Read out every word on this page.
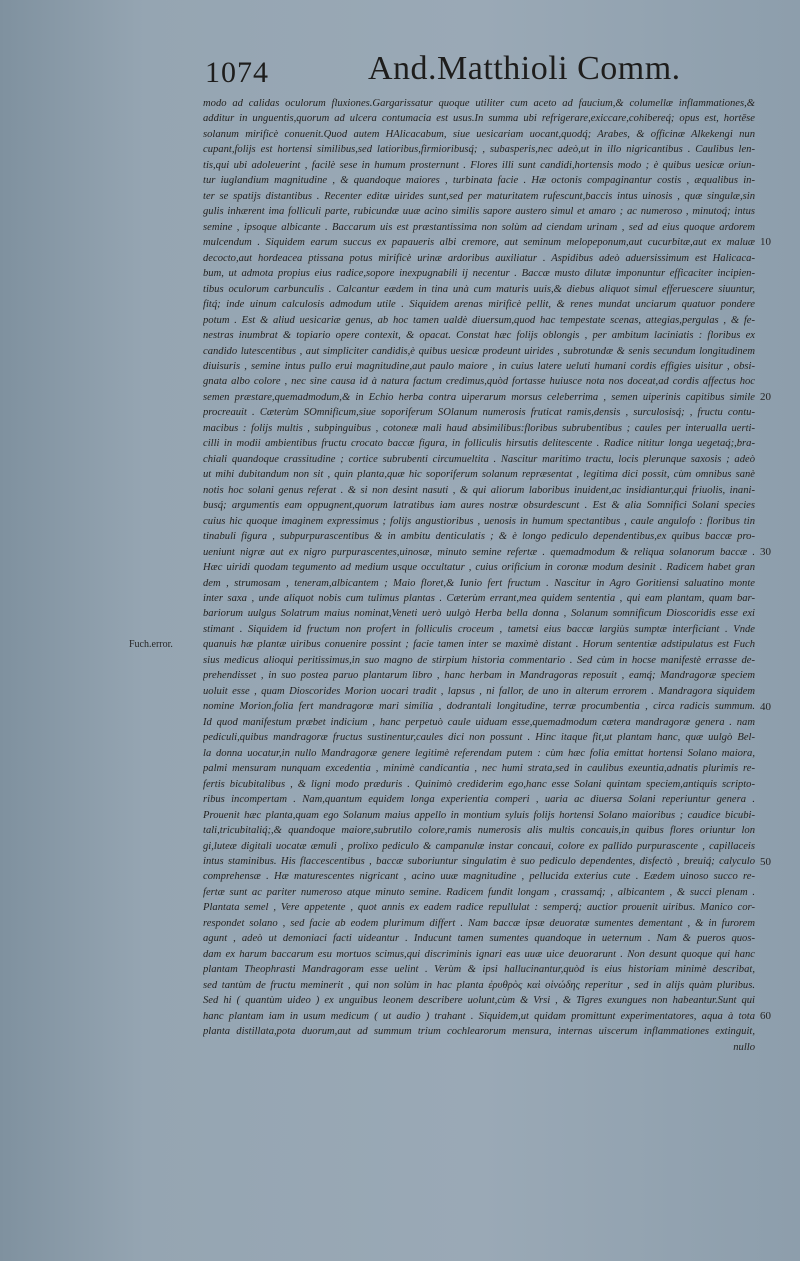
1074	And.Matthioli Comm.
Fuch.error.
modo ad calidas oculorum fluxiones.Gargarissatur quoque utiliter cum aceto ad faucium,& columellæ inflammationes,&
additur in unguentis,quorum ad ulcera contumacia est usus.In summa ubi refrigerare,exiccare,cohibereq́; opus est, hortēse
solanum mirificè conuenit.Quod autem HAlicacabum, siue uesicariam uocant,quodq́; Arabes, & officinæ Alkekengi nun
cupant,folijs est hortensi similibus,sed latioribus,firmioribusq́; , subasperis,nec adeò,ut in illo nigricantibus . Caulibus len-
tis,qui ubi adoleuerint , facilè sese in humum prosternunt . Flores illi sunt candidi,hortensis modo ; è quibus uesicæ oriun-
tur iuglandium magnitudine , & quandoque maiores , turbinata facie . Hæ octonis compaginantur costis , æqualibus in-
ter se spatijs distantibus . Recenter editæ uirides sunt,sed per maturitatem rufescunt,baccis intus uinosis , quæ singulæ,sin
gulis inhærent ima folliculi parte, rubicundæ uuæ acino similis sapore austero simul et amaro ; ac numeroso , minutoq́; intus
semine , ipsoque albicante . Baccarum uis est præstantissima non solùm ad ciendam urinam , sed ad eius quoque ardorem
mulcendum . Siquidem earum succus ex papaueris albi cremore, aut seminum melopeponum,aut cucurbitæ,aut ex maluæ
decocto,aut hordeacea ptissana potus mirificè urinæ ardoribus auxiliatur . Aspidibus adeò aduersissimum est Halicaca-
bum, ut admota propius eius radice,sopore inexpugnabili ij necentur . Baccæ musto dilutæ imponuntur efficaciter incipien-
tibus oculorum carbunculis . Calcantur eædem in tina unà cum maturis uuis,& diebus aliquot simul efferuescere siuuntur,
fitq́; inde uinum calculosis admodum utile . Siquidem arenas mirificè pellit, & renes mundat unciarum quatuor pondere
potum . Est & aliud uesicariæ genus, ab hoc tamen ualdè diuersum,quod hac tempestate scenas, attegias,pergulas , & fe-
nestras inumbrat & topiario opere contexit, & opacat. Constat hæc folijs oblongis , per ambitum laciniatis : floribus ex
candido lutescentibus , aut simpliciter candidis,è quibus uesicæ prodeunt uirides , subrotundæ & senis secundum longitudinem
diuisuris , semine intus pullo erui magnitudine,aut paulo maiore , in cuius latere ueluti humani cordis effigies uisitur , obsi-
gnata albo colore , nec sine causa id à natura factum credimus,quòd fortasse huiusce nota nos doceat,ad cordis affectus hoc
semen præstare,quemadmodum,& in Echio herba contra uiperarum morsus celeberrima , semen uiperinis capitibus simile
procreauit . Cæterùm SOmnificum,siue soporiferum SOlanum numerosis fruticat ramis,densis , surculosisq́; , fructu contu-
macibus : folijs multis , subpinguibus , cotoneæ mali haud absimilibus:floribus subrubentibus ; caules per interualla uerti-
cilli in modii ambientibus fructu crocato baccæ figura, in folliculis hirsutis delitescente . Radice nititur longa uegetaq́;,bra-
chiali quandoque crassitudine ; cortice subrubenti circumueltita . Nascitur maritimo tractu, locis plerunque saxosis ; adeò
ut mihi dubitandum non sit , quin planta,quæ hic soporiferum solanum repræsentat , legitima dici possit, cùm omnibus sanè
notis hoc solani genus referat . & si non desint nasuti , & qui aliorum laboribus inuident,ac insidiantur,qui friuolis, inani-
busq́; argumentis eam oppugnent,quorum latratibus iam aures nostræ obsurdescunt . Est & alia Somnifici Solani species
cuius hic quoque imaginem expressimus ; folijs angustioribus , uenosis in humum spectantibus , caule angulofo : floribus tin
tinabuli figura , subpurpurascentibus & in ambitu denticulatis ; & è longo pediculo dependentibus,ex quibus baccæ pro-
ueniunt nigræ aut ex nigro purpurascentes,uinosæ, minuto semine refertæ . quemadmodum & reliqua solanorum baccæ .
Hæc uiridi quodam tegumento ad medium usque occultatur , cuius orificium in coronæ modum desinit . Radicem habet gran
dem , strumosam , teneram,albicantem ; Maio floret,& Iunio fert fructum . Nascitur in Agro Goritiensi saluatino monte
inter saxa , unde aliquot nobis cum tulimus plantas . Cæterùm errant,mea quidem sententia , qui eam plantam, quam bar-
bariorum uulgus Solatrum maius nominat,Veneti uerò uulgò Herba bella donna , Solanum somnificum Dioscoridis esse exi
stimant . Siquidem id fructum non profert in folliculis croceum , tametsi eius baccæ largiùs sumptæ interficiant . Vnde
quanuis hæ plantæ uiribus conuenire possint ; facie tamen inter se maximè distant . Horum sententiæ adstipulatus est Fuch
sius medicus alioqui peritissimus,in suo magno de stirpium historia commentario . Sed cùm in hocse manifestè errasse de-
prehendisset , in suo postea paruo plantarum libro , hanc herbam in Mandragoras reposuit , eamq́; Mandragoræ speciem
uoluit esse , quam Dioscorides Morion uocari tradit , lapsus , ni fallor, de uno in alterum errorem . Mandragora siquidem
nomine Morion,folia fert mandragoræ mari similia , dodrantali longitudine, terræ procumbentia , circa radicis summum.
Id quod manifestum præbet indicium , hanc perpetuò caule uiduam esse,quemadmodum cætera mandragoræ genera . nam
pediculi,quibus mandragoræ fructus sustinentur,caules dici non possunt . Hinc itaque fit,ut plantam hanc, quæ uulgò Bel-
la donna uocatur,in nullo Mandragoræ genere legitimè referendam putem : cùm hæc folia emittat hortensi Solano maiora,
palmi mensuram nunquam excedentia , minimè candicantia , nec humi strata,sed in caulibus exeuntia,adnatis plurimis re-
fertis bicubitalibus , & ligni modo præduris . Quinimò crediderim ego,hanc esse Solani quintam speciem,antiquis scripto-
ribus incompertam . Nam,quantum equidem longa experientia comperi , uaria ac diuersa Solani reperiuntur genera .
Prouenit hæc planta,quam ego Solanum maius appello in montium syluis folijs hortensi Solano maioribus ; caudice bicubi-
tali,tricubitaliq́;,& quandoque maiore,subrutilo colore,ramis numerosis alis multis concauis,in quibus flores oriuntur lon
gi,luteæ digitali uocatæ æmuli , prolixo pediculo & campanulæ instar concaui, colore ex pallido purpurascente , capillaceis
intus staminibus. His flaccescentibus , baccæ suboriuntur singulatim è suo pediculo dependentes, disfectò , breuiq́; calyculo
comprehensæ . Hæ maturescentes nigricant , acino uuæ magnitudine , pellucida exterius cute . Eædem uinoso succo re-
fertæ sunt ac pariter numeroso atque minuto semine. Radicem fundit longam , crassamq́; , albicantem , & succi plenam .
Plantata semel , Vere appetente , quot annis ex eadem radice repullulat : semperq́; auctior prouenit uiribus. Manico cor-
respondet solano , sed facie ab eodem plurimum differt . Nam baccæ ipsæ deuoratæ sumentes dementant , & in furorem
agunt , adeò ut demoniaci facti uideantur . Inducunt tamen sumentes quandoque in ueternum . Nam & pueros quos-
dam ex harum baccarum esu mortuos scimus,qui discriminis ignari eas uuæ uice deuorarunt . Non desunt quoque qui hanc
plantam Theophrasti Mandragoram esse uelint . Verùm & ipsi hallucinantur,quòd is eius historiam minimè describat,
sed tantùm de fructu meminerit , qui non solùm in hac planta ἐρυθρὸς καὶ οἰνώδης reperitur , sed in alijs quàm pluribus.
Sed hi ( quantùm uideo ) ex unguibus leonem describere uolunt,cùm & Vrsi , & Tigres exungues non habeantur.Sunt qui
hanc plantam iam in usum medicum ( ut audio ) trahant . Siquidem,ut quidam promittunt experimentatores, aqua à tota
planta distillata,pota duorum,aut ad summum trium cochlearorum mensura, internas uiscerum inflammationes extinguit,
nullo
10
20
30
40
50
60
